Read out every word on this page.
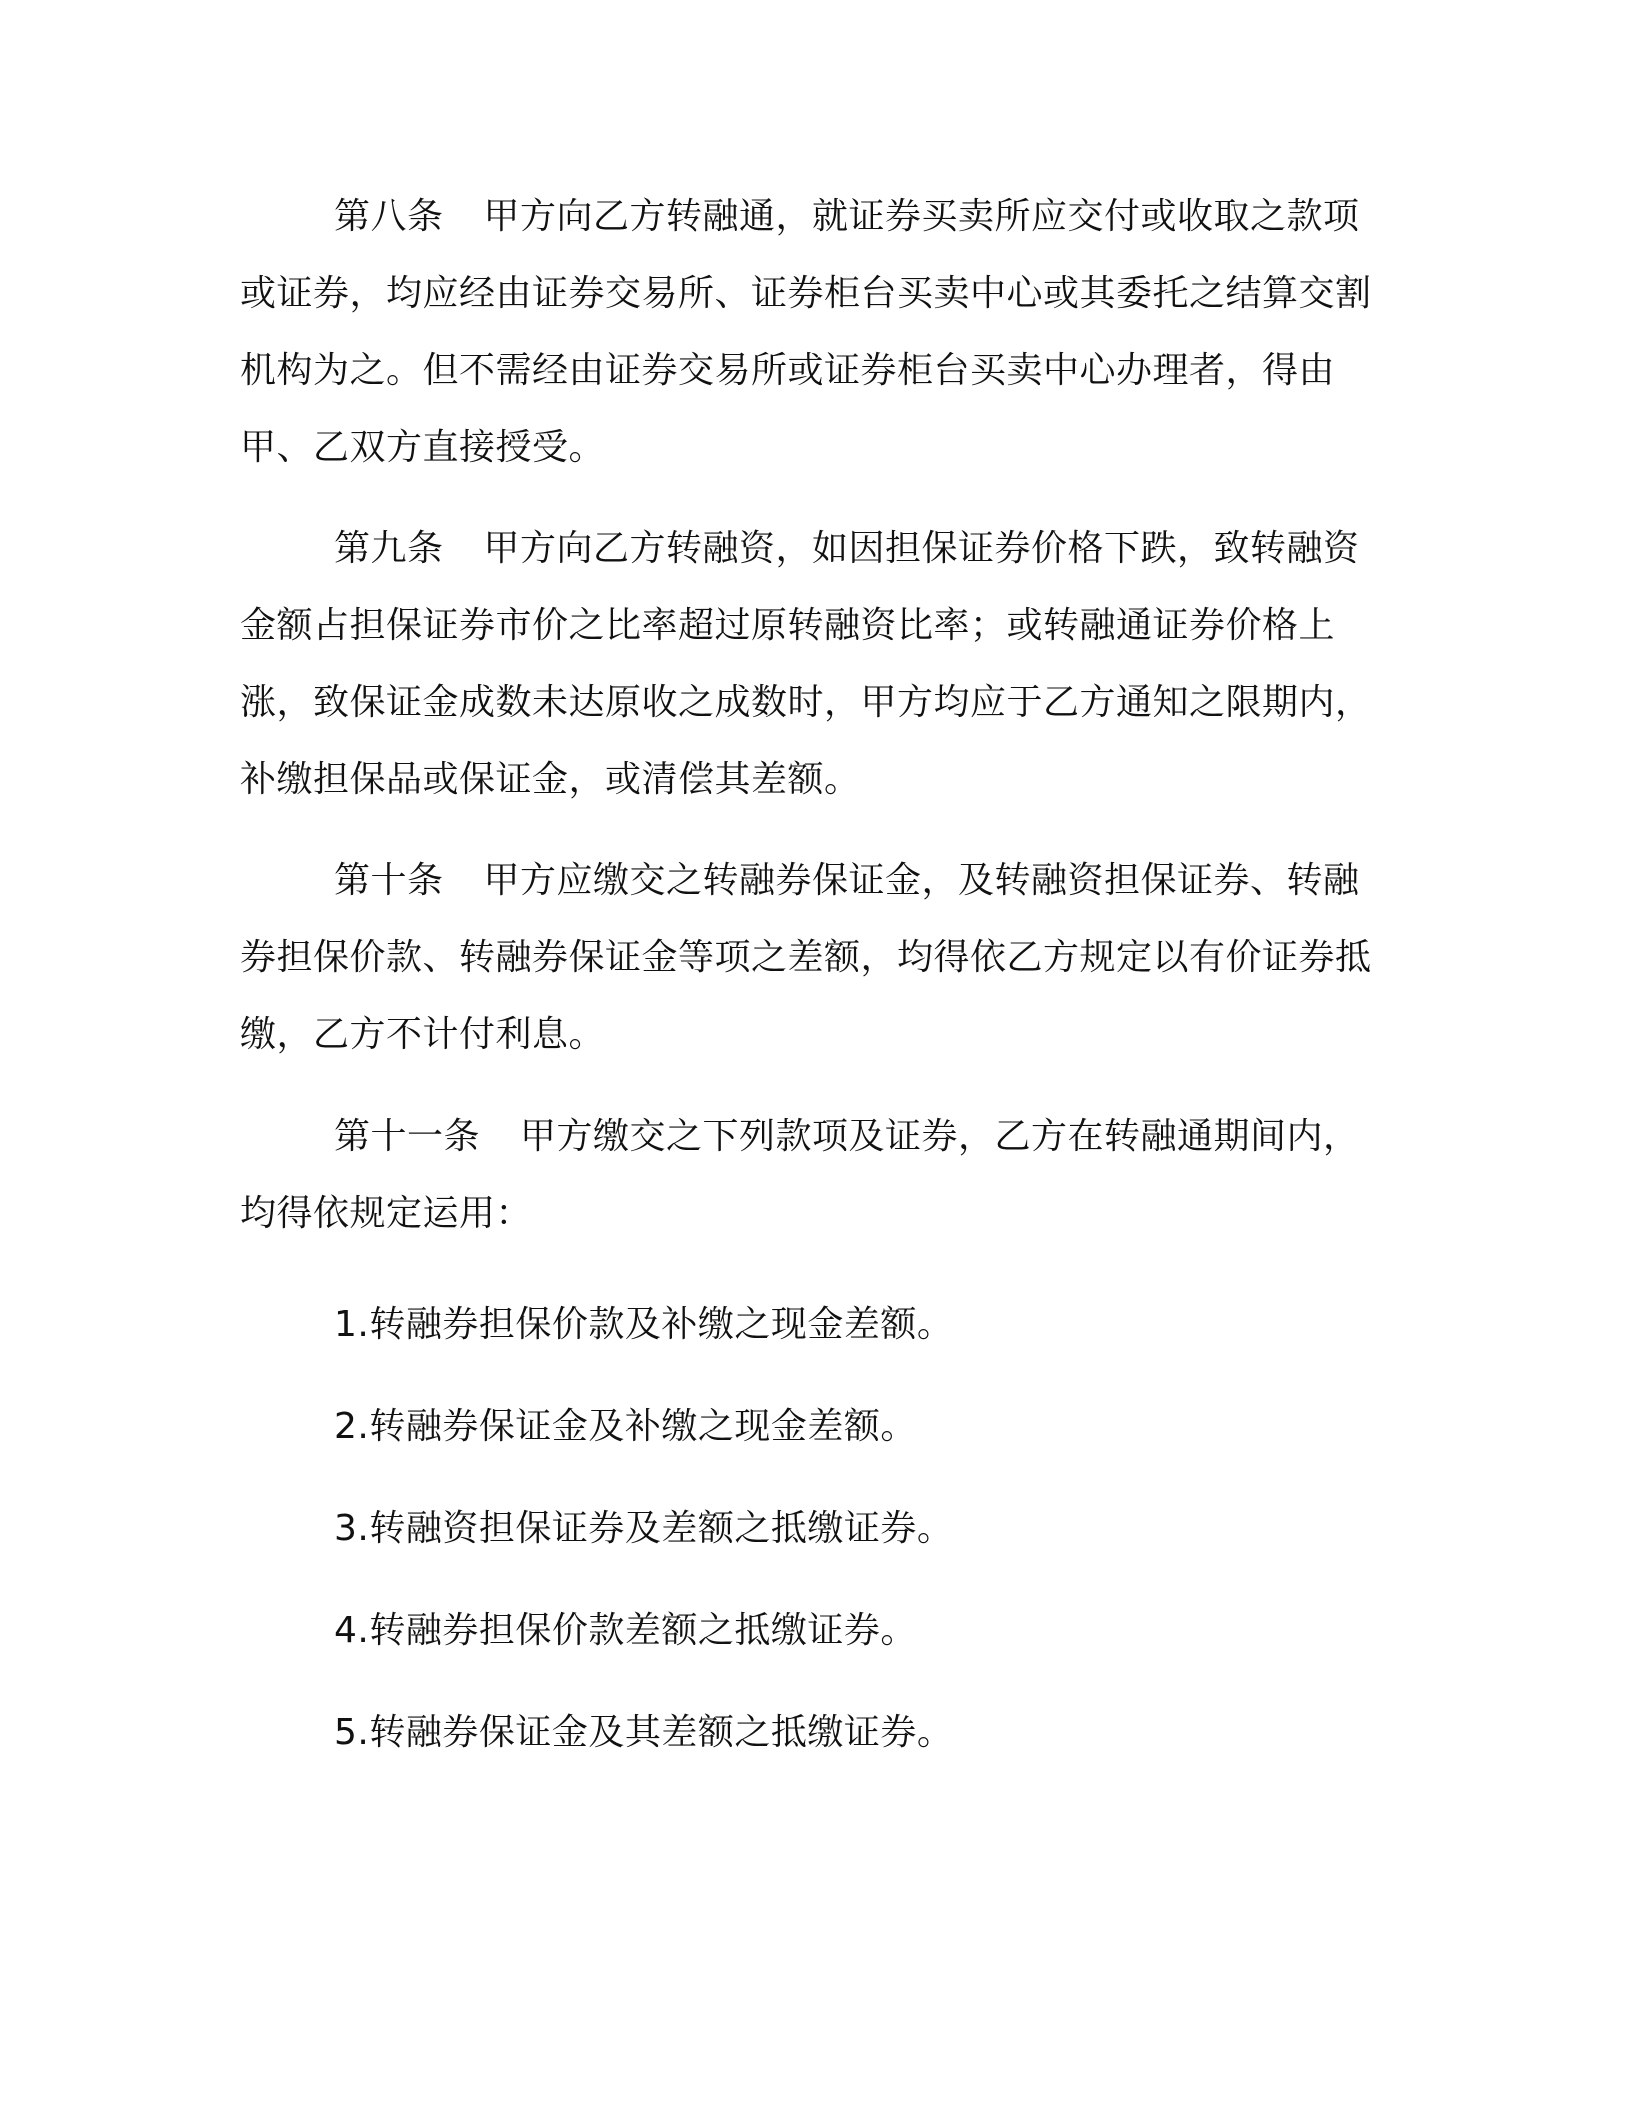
第八条 甲方向乙方转融通，就证券买卖所应交付或收取之款项或证券，均应经由证券交易所、证券柜台买卖中心或其委托之结算交割机构为之。但不需经由证券交易所或证券柜台买卖中心办理者，得由甲、乙双方直接授受。

第九条 甲方向乙方转融资，如因担保证券价格下跌，致转融资金额占担保证券市价之比率超过原转融资比率；或转融通证券价格上涨，致保证金成数未达原收之成数时，甲方均应于乙方通知之限期内，补缴担保品或保证金，或清偿其差额。

第十条 甲方应缴交之转融券保证金，及转融资担保证券、转融券担保价款、转融券保证金等项之差额，均得依乙方规定以有价证券抵缴，乙方不计付利息。

第十一条 甲方缴交之下列款项及证券，乙方在转融通期间内，均得依规定运用：

1.转融券担保价款及补缴之现金差额。

2.转融券保证金及补缴之现金差额。

3.转融资担保证券及差额之抵缴证券。

4.转融券担保价款差额之抵缴证券。

5.转融券保证金及其差额之抵缴证券。
